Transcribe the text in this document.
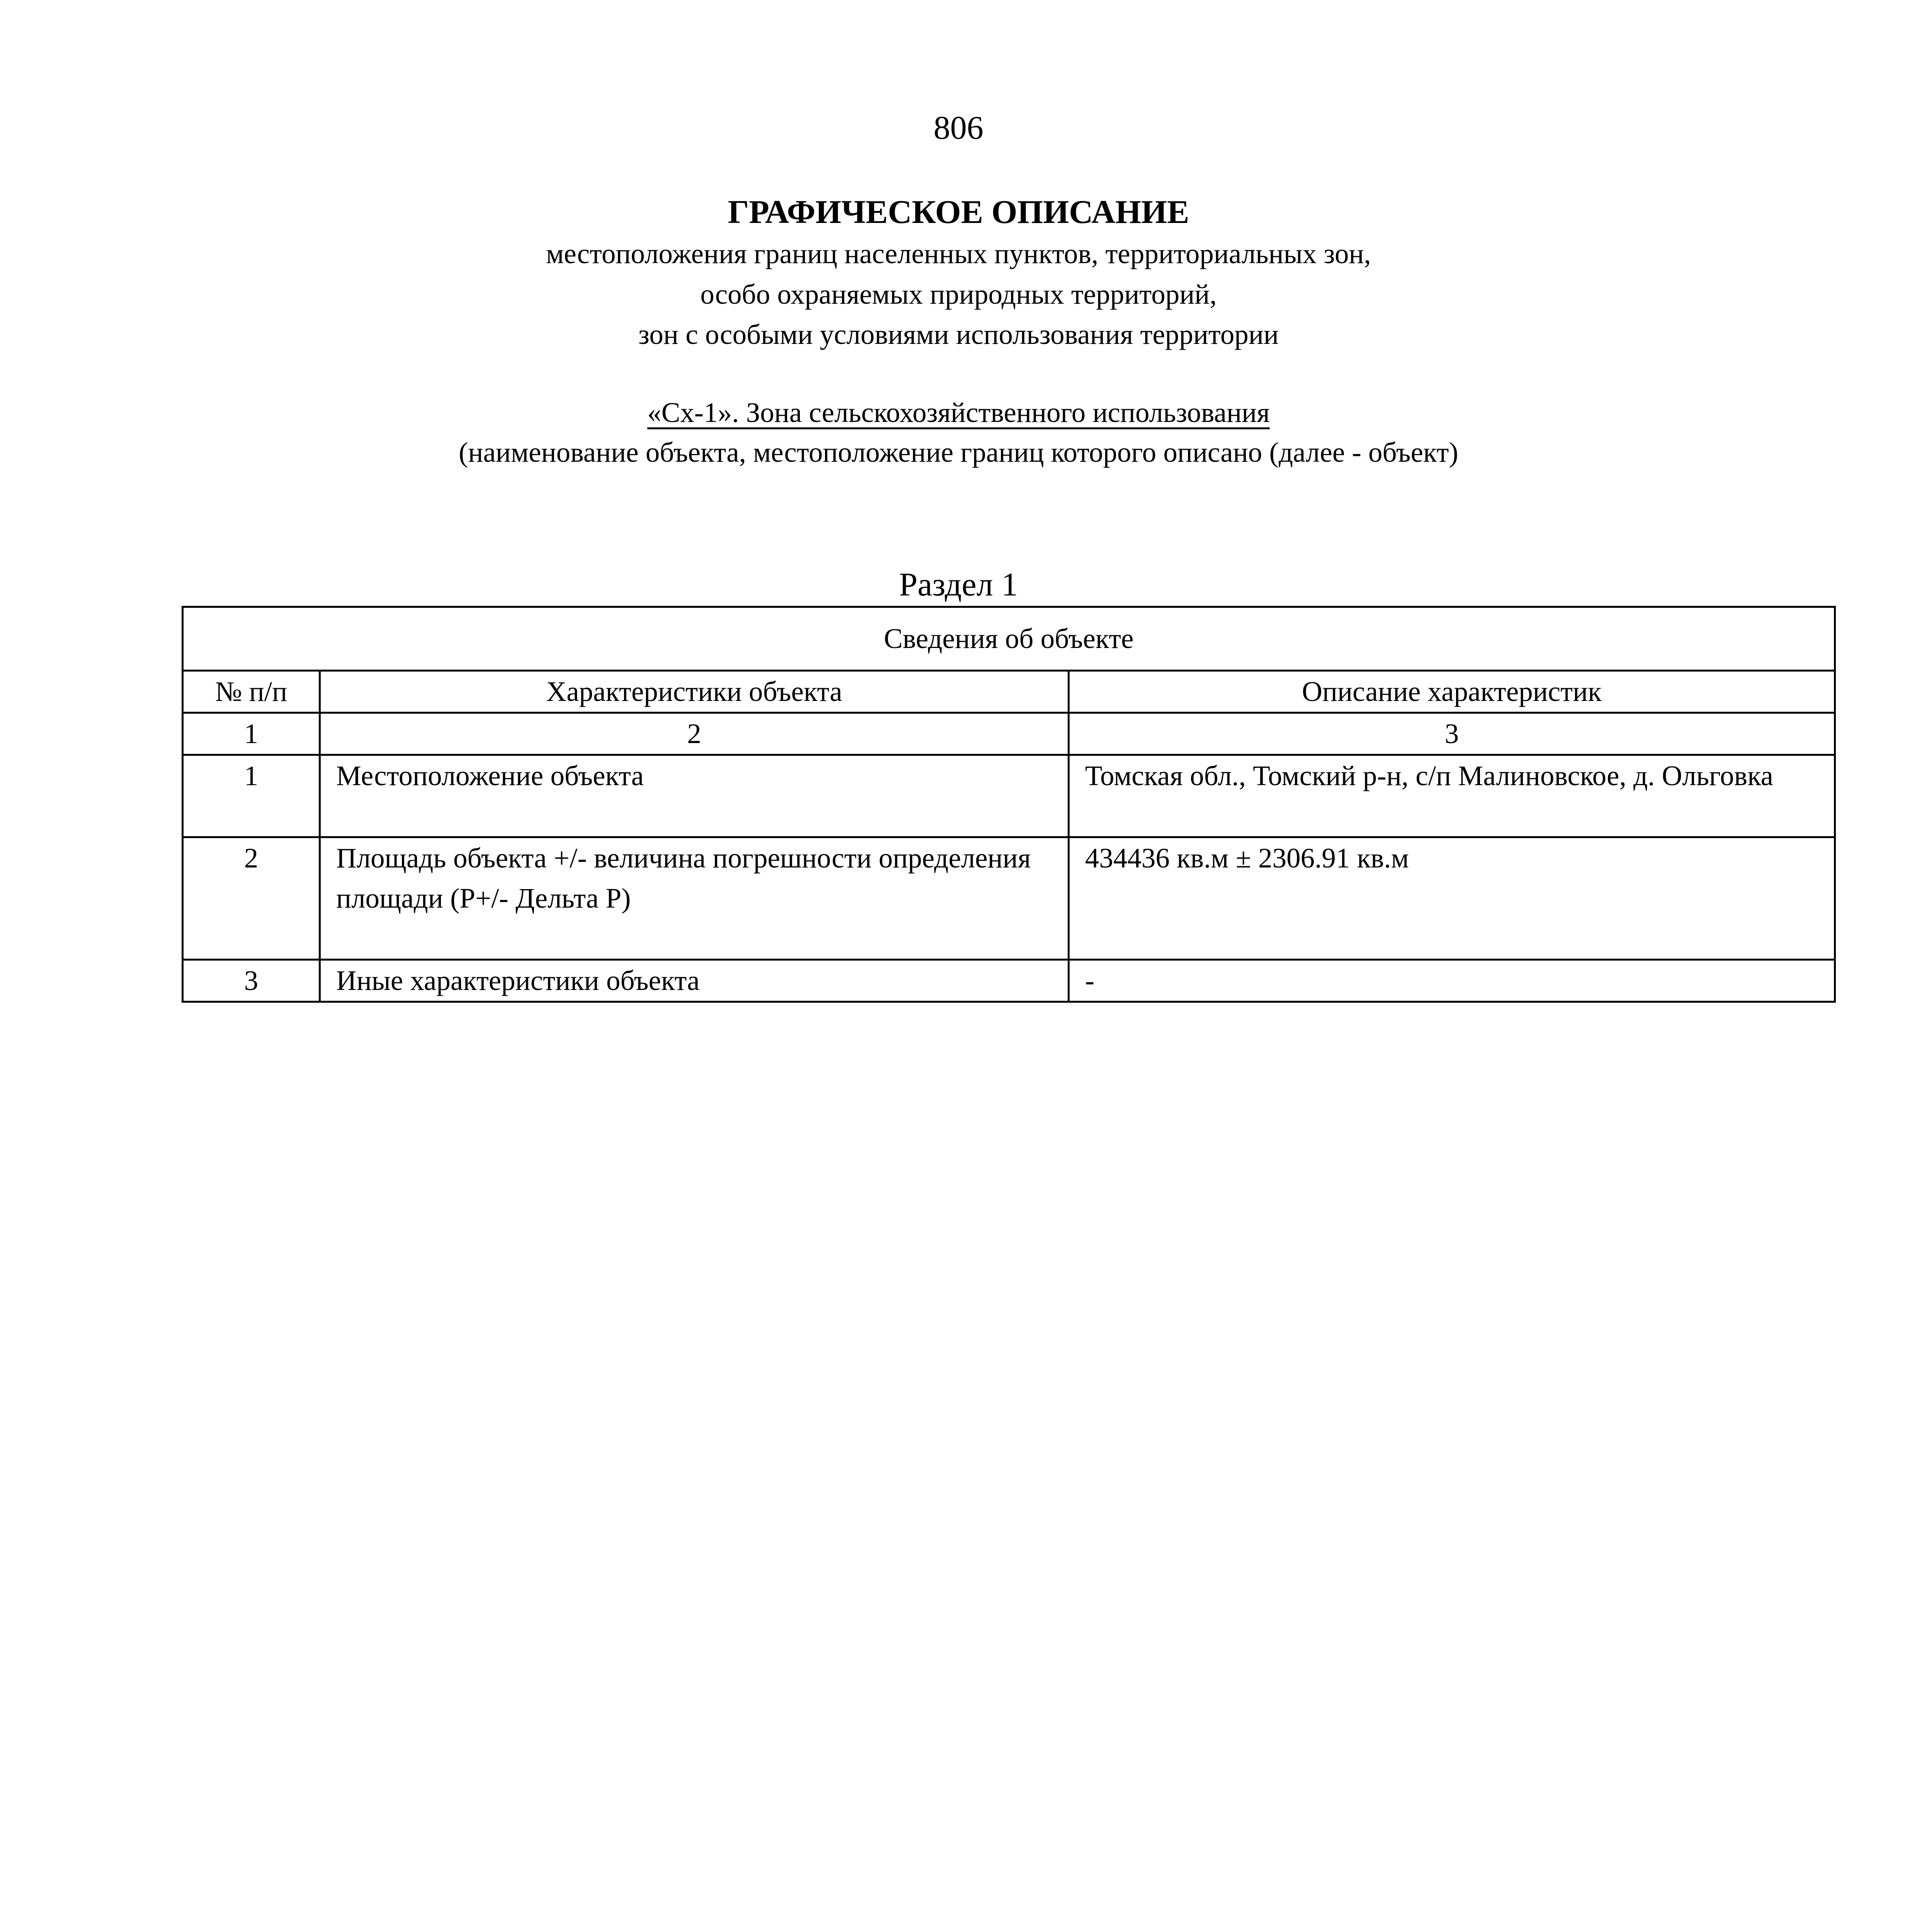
806
ГРАФИЧЕСКОЕ ОПИСАНИЕ
местоположения границ населенных пунктов, территориальных зон,
особо охраняемых природных территорий,
зон с особыми условиями использования территории
«Сх-1». Зона сельскохозяйственного использования
(наименование объекта, местоположение границ которого описано (далее - объект)
Раздел 1
Сведения об объекте		
№ п/п	Характеристики объекта	Описание характеристик
1	2	3
1	Местоположение объекта	Томская обл., Томский р-н, с/п Малиновское, д. Ольговка
2	Площадь объекта +/- величина погрешности определения площади (P+/- Дельта P)	434436 кв.м ± 2306.91 кв.м
3	Иные характеристики объекта	-
